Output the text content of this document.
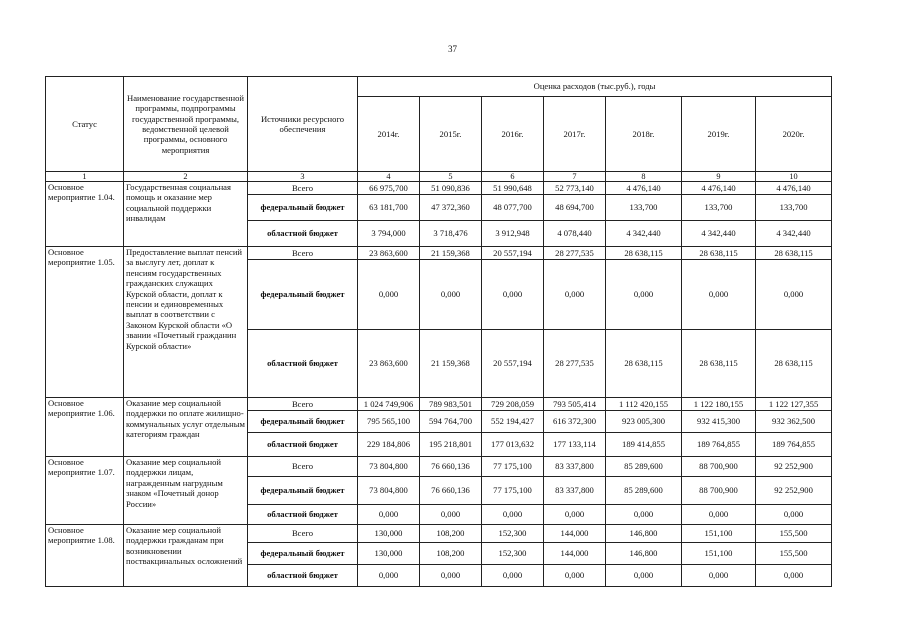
37
Статус	Наименование государственной программы, подпрограммы государственной программы, ведомственной целевой программы, основного мероприятия	Источники ресурсного обеспечения	Оценка расходов (тыс.руб.), годы						
			2014г.	2015г.	2016г.	2017г.	2018г.	2019г.	2020г.
1	2	3	4	5	6	7	8	9	10
Основное мероприятие 1.04.	Государственная социальная помощь и оказание мер социальной поддержки инвалидам	Всего	66 975,700	51 090,836	51 990,648	52 773,140	4 476,140	4 476,140	4 476,140
		федеральный бюджет	63 181,700	47 372,360	48 077,700	48 694,700	133,700	133,700	133,700
		областной бюджет	3 794,000	3 718,476	3 912,948	4 078,440	4 342,440	4 342,440	4 342,440
Основное мероприятие 1.05.	Предоставление выплат пенсий за выслугу лет, доплат к пенсиям государственных гражданских служащих Курской области, доплат к пенсии и единовременных выплат в соответствии с Законом Курской области «О звании «Почетный гражданин Курской области»	Всего	23 863,600	21 159,368	20 557,194	28 277,535	28 638,115	28 638,115	28 638,115
		федеральный бюджет	0,000	0,000	0,000	0,000	0,000	0,000	0,000
		областной бюджет	23 863,600	21 159,368	20 557,194	28 277,535	28 638,115	28 638,115	28 638,115
Основное мероприятие 1.06.	Оказание мер социальной поддержки по оплате жилищно-коммунальных услуг отдельным категориям граждан	Всего	1 024 749,906	789 983,501	729 208,059	793 505,414	1 112 420,155	1 122 180,155	1 122 127,355
		федеральный бюджет	795 565,100	594 764,700	552 194,427	616 372,300	923 005,300	932 415,300	932 362,500
		областной бюджет	229 184,806	195 218,801	177 013,632	177 133,114	189 414,855	189 764,855	189 764,855
Основное мероприятие 1.07.	Оказание мер социальной поддержки лицам, награжденным нагрудным знаком «Почетный донор России»	Всего	73 804,800	76 660,136	77 175,100	83 337,800	85 289,600	88 700,900	92 252,900
		федеральный бюджет	73 804,800	76 660,136	77 175,100	83 337,800	85 289,600	88 700,900	92 252,900
		областной бюджет	0,000	0,000	0,000	0,000	0,000	0,000	0,000
Основное мероприятие 1.08.	Оказание мер социальной поддержки гражданам при возникновении поствакцинальных осложнений	Всего	130,000	108,200	152,300	144,000	146,800	151,100	155,500
		федеральный бюджет	130,000	108,200	152,300	144,000	146,800	151,100	155,500
		областной бюджет	0,000	0,000	0,000	0,000	0,000	0,000	0,000
